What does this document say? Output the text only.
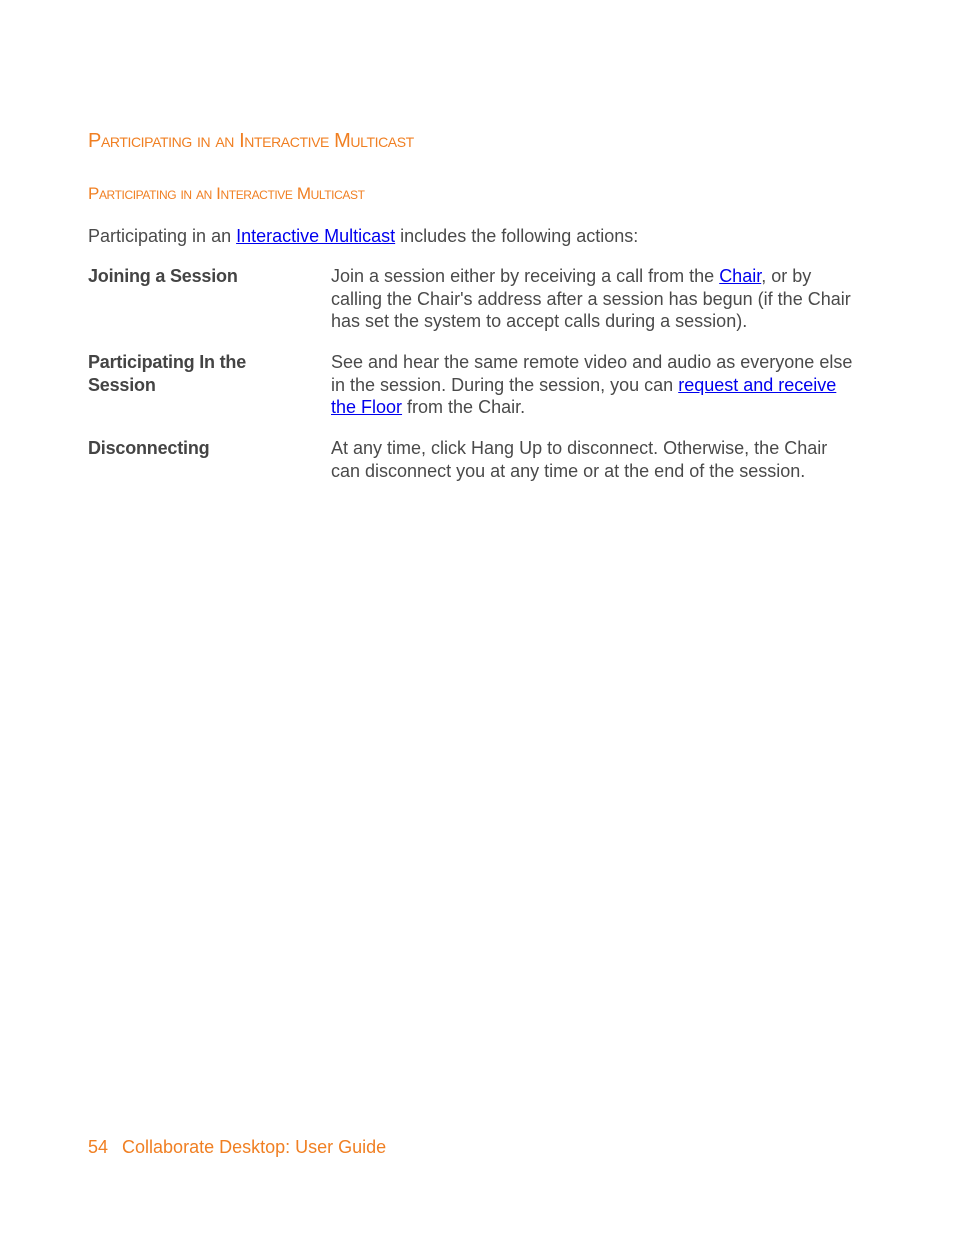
Participating in an Interactive Multicast
Participating in an Interactive Multicast

Participating in an Interactive Multicast includes the following actions:

Joining a Session	Join a session either by receiving a call from the Chair, or by calling the Chair's address after a session has begun (if the Chair has set the system to accept calls during a session).
Participating In the Session
See and hear the same remote video and audio as everyone else in the session. During the session, you can request and receive the Floor from the Chair.
Disconnecting	At any time, click Hang Up to disconnect. Otherwise, the Chair can disconnect you at any time or at the end of the session.
54 Collaborate Desktop: User Guide
